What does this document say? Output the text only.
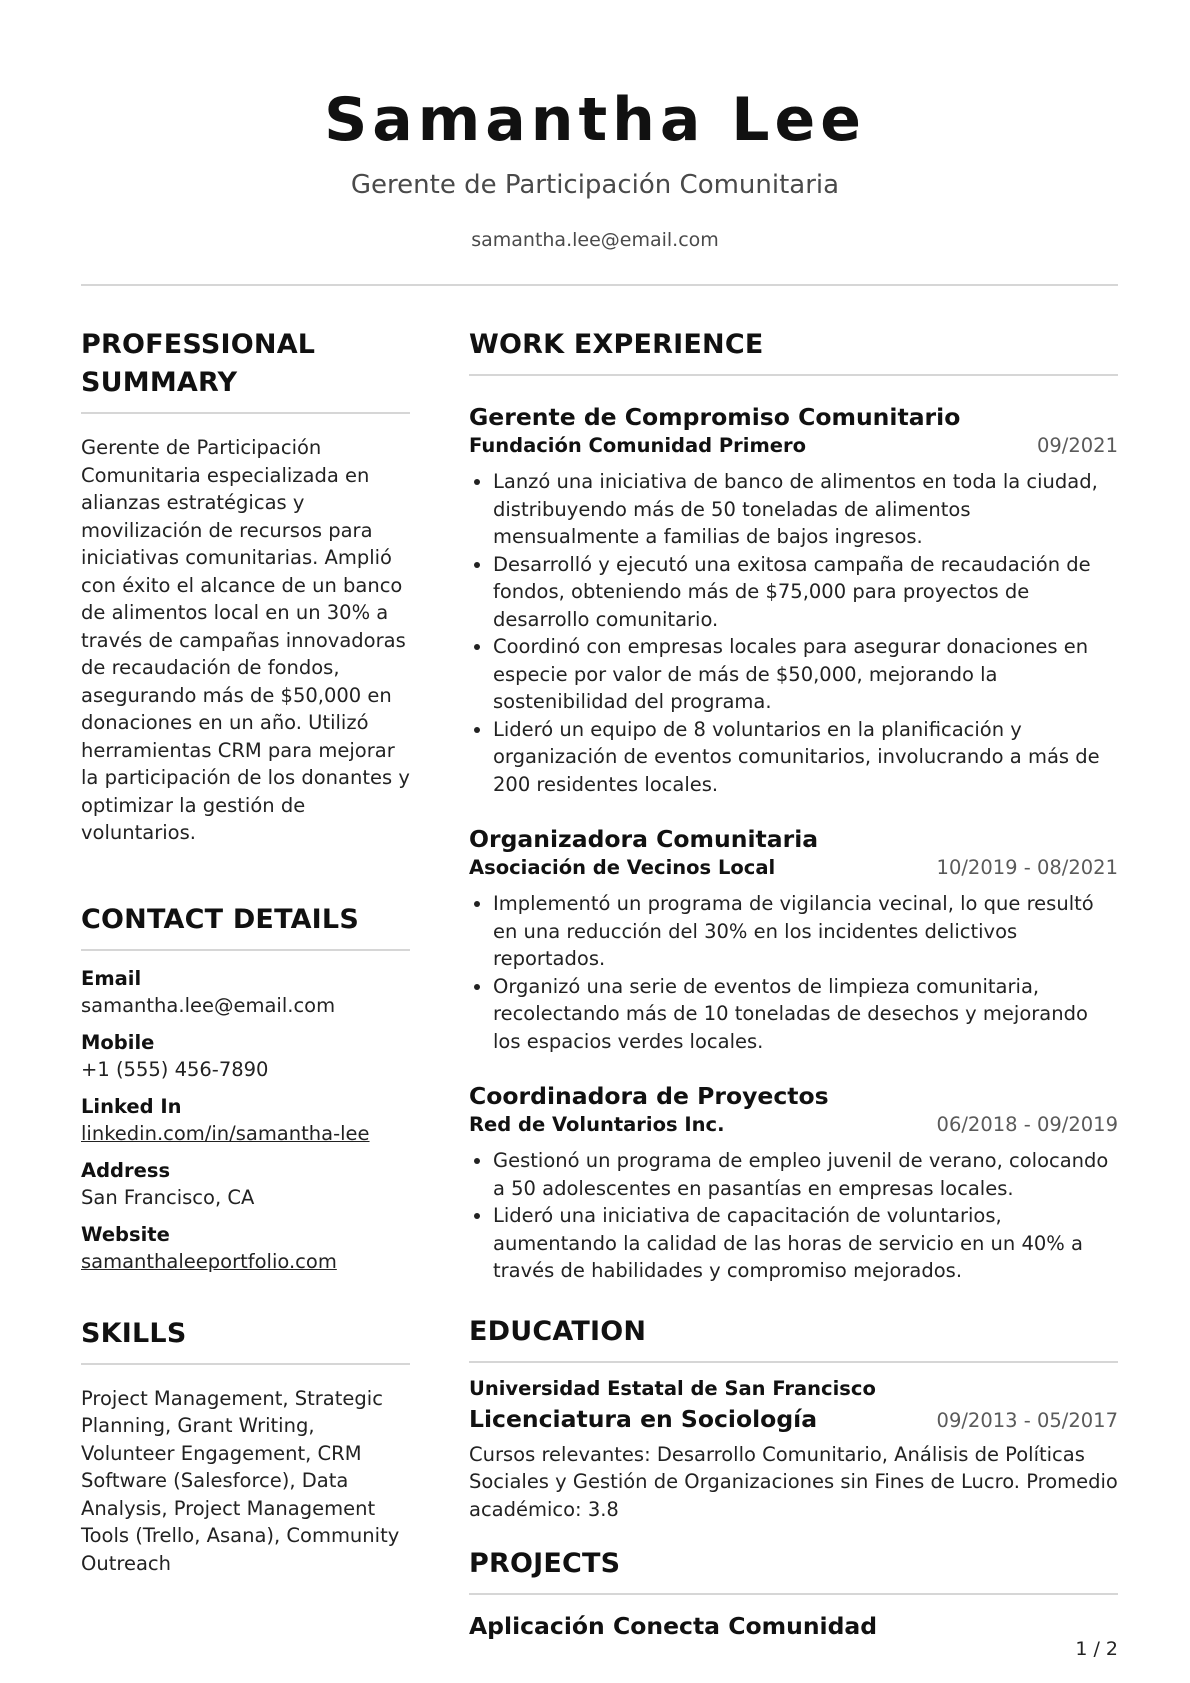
Samantha Lee
Gerente de Participación Comunitaria
samantha.lee@email.com
PROFESSIONAL SUMMARY
Gerente de Participación Comunitaria especializada en alianzas estratégicas y movilización de recursos para iniciativas comunitarias. Amplió con éxito el alcance de un banco de alimentos local en un 30% a través de campañas innovadoras de recaudación de fondos, asegurando más de $50,000 en donaciones en un año. Utilizó herramientas CRM para mejorar la participación de los donantes y optimizar la gestión de voluntarios.
CONTACT DETAILS
Email
samantha.lee@email.com
Mobile
+1 (555) 456-7890
Linked In
linkedin.com/in/samantha-lee
Address
San Francisco, CA
Website
samanthaleeportfolio.com
SKILLS
Project Management, Strategic Planning, Grant Writing, Volunteer Engagement, CRM Software (Salesforce), Data Analysis, Project Management Tools (Trello, Asana), Community Outreach
WORK EXPERIENCE
Gerente de Compromiso Comunitario
Fundación Comunidad Primero	09/2021
• Lanzó una iniciativa de banco de alimentos en toda la ciudad, distribuyendo más de 50 toneladas de alimentos mensualmente a familias de bajos ingresos.
• Desarrolló y ejecutó una exitosa campaña de recaudación de fondos, obteniendo más de $75,000 para proyectos de desarrollo comunitario.
• Coordinó con empresas locales para asegurar donaciones en especie por valor de más de $50,000, mejorando la sostenibilidad del programa.
• Lideró un equipo de 8 voluntarios en la planificación y organización de eventos comunitarios, involucrando a más de 200 residentes locales.
Organizadora Comunitaria
Asociación de Vecinos Local	10/2019 - 08/2021
• Implementó un programa de vigilancia vecinal, lo que resultó en una reducción del 30% en los incidentes delictivos reportados.
• Organizó una serie de eventos de limpieza comunitaria, recolectando más de 10 toneladas de desechos y mejorando los espacios verdes locales.
Coordinadora de Proyectos
Red de Voluntarios Inc.	06/2018 - 09/2019
• Gestionó un programa de empleo juvenil de verano, colocando a 50 adolescentes en pasantías en empresas locales.
• Lideró una iniciativa de capacitación de voluntarios, aumentando la calidad de las horas de servicio en un 40% a través de habilidades y compromiso mejorados.
EDUCATION
Universidad Estatal de San Francisco
Licenciatura en Sociología	09/2013 - 05/2017
Cursos relevantes: Desarrollo Comunitario, Análisis de Políticas Sociales y Gestión de Organizaciones sin Fines de Lucro. Promedio académico: 3.8
PROJECTS
Aplicación Conecta Comunidad
1 / 2
